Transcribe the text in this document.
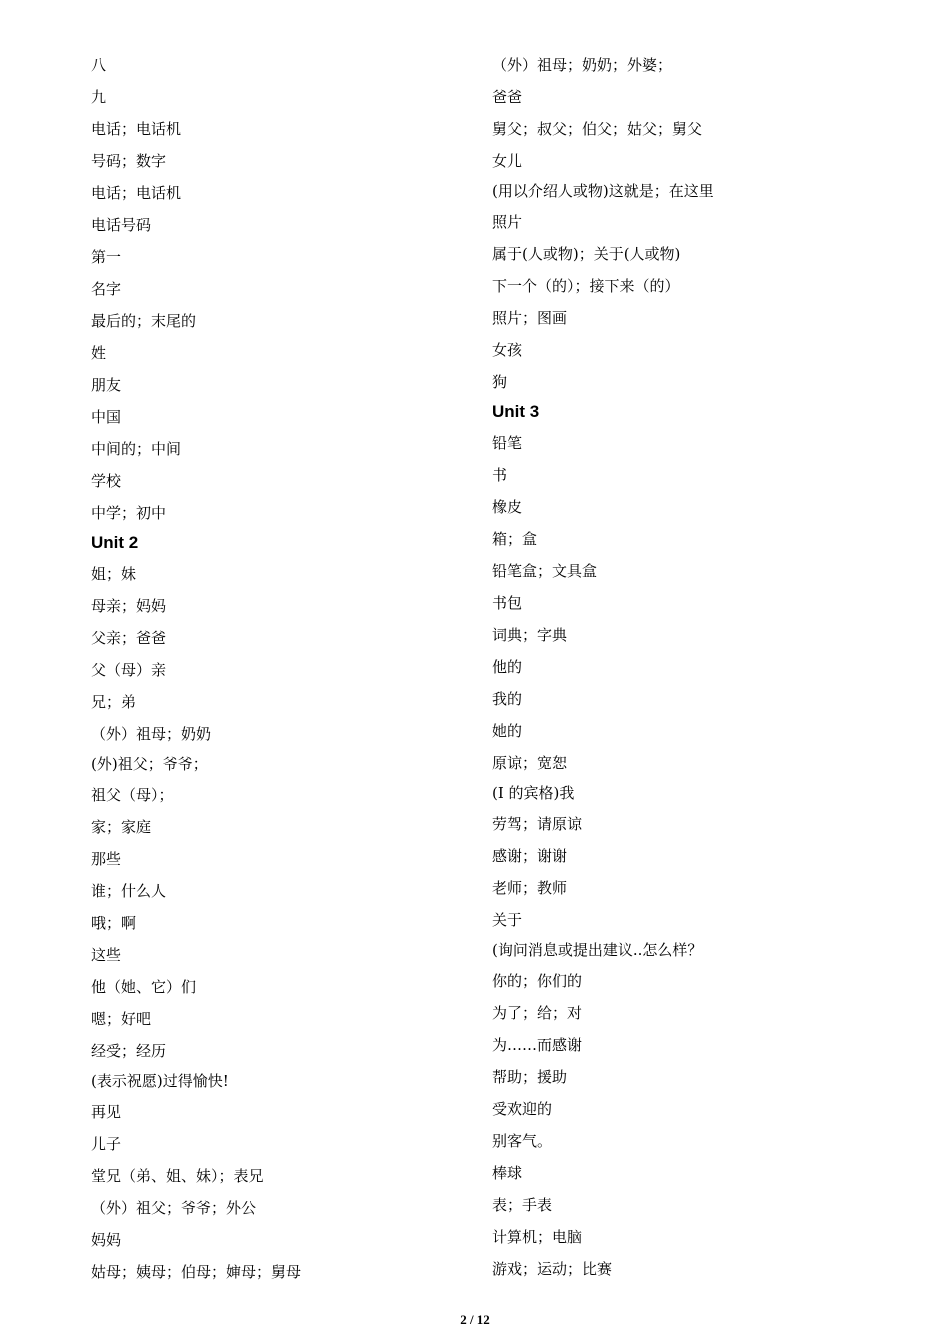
八
九
电话；电话机
号码；数字
电话；电话机
电话号码
第一
名字
最后的；末尾的
姓
朋友
中国
中间的；中间
学校
中学；初中
Unit 2
姐；妹
母亲；妈妈
父亲；爸爸
父（母）亲
兄；弟
（外）祖母；奶奶
(外)祖父；爷爷；
祖父（母）；
家；家庭
那些
谁；什么人
哦；啊
这些
他（她、它）们
嗯；好吧
经受；经历
(表示祝愿)过得愉快!
再见
儿子
堂兄（弟、姐、妹）；表兄
（外）祖父；爷爷；外公
妈妈
姑母；姨母；伯母；婶母；舅母
（外）祖母；奶奶；外婆；
爸爸
舅父；叔父；伯父；姑父；舅父
女儿
(用以介绍人或物)这就是；在这里
照片
属于(人或物)；关于(人或物)
下一个（的）；接下来（的）
照片；图画
女孩
狗
Unit 3
铅笔
书
橡皮
箱；盒
铅笔盒；文具盒
书包
词典；字典
他的
我的
她的
原谅；宽恕
(I 的宾格)我
劳驾；请原谅
感谢；谢谢
老师；教师
关于
(询问消息或提出建议..怎么样？
你的；你们的
为了；给；对
为……而感谢
帮助；援助
受欢迎的
别客气。
棒球
表；手表
计算机；电脑
游戏；运动；比赛
2 / 12
